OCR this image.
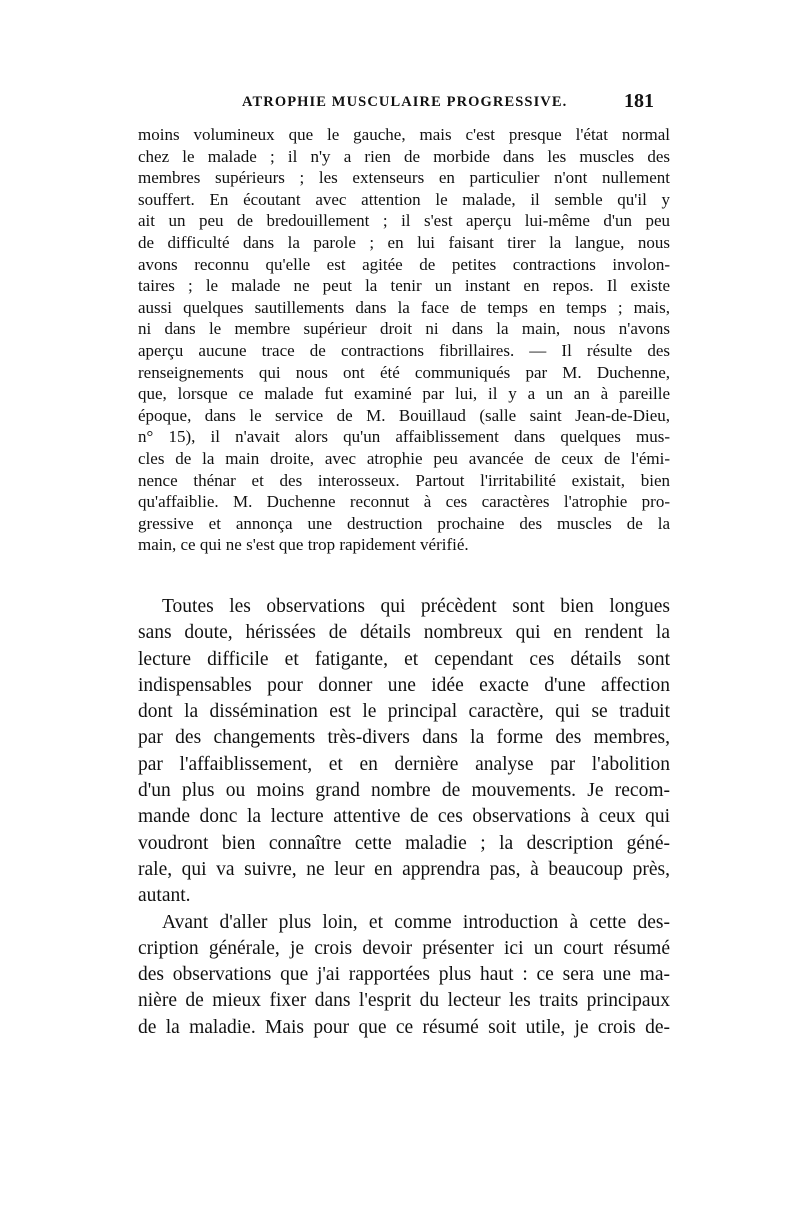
ATROPHIE MUSCULAIRE PROGRESSIVE.	181
moins volumineux que le gauche, mais c'est presque l'état normal
chez le malade ; il n'y a rien de morbide dans les muscles des
membres supérieurs ; les extenseurs en particulier n'ont nullement
souffert. En écoutant avec attention le malade, il semble qu'il y
ait un peu de bredouillement ; il s'est aperçu lui-même d'un peu
de difficulté dans la parole ; en lui faisant tirer la langue, nous
avons reconnu qu'elle est agitée de petites contractions involon-
taires ; le malade ne peut la tenir un instant en repos. Il existe
aussi quelques sautillements dans la face de temps en temps ; mais,
ni dans le membre supérieur droit ni dans la main, nous n'avons
aperçu aucune trace de contractions fibrillaires. — Il résulte des
renseignements qui nous ont été communiqués par M. Duchenne,
que, lorsque ce malade fut examiné par lui, il y a un an à pareille
époque, dans le service de M. Bouillaud (salle saint Jean-de-Dieu,
n° 15), il n'avait alors qu'un affaiblissement dans quelques mus-
cles de la main droite, avec atrophie peu avancée de ceux de l'émi-
nence thénar et des interosseux. Partout l'irritabilité existait, bien
qu'affaiblie. M. Duchenne reconnut à ces caractères l'atrophie pro-
gressive et annonça une destruction prochaine des muscles de la
main, ce qui ne s'est que trop rapidement vérifié.
Toutes les observations qui précèdent sont bien longues
sans doute, hérissées de détails nombreux qui en rendent la
lecture difficile et fatigante, et cependant ces détails sont
indispensables pour donner une idée exacte d'une affection
dont la dissémination est le principal caractère, qui se traduit
par des changements très-divers dans la forme des membres,
par l'affaiblissement, et en dernière analyse par l'abolition
d'un plus ou moins grand nombre de mouvements. Je recom-
mande donc la lecture attentive de ces observations à ceux qui
voudront bien connaître cette maladie ; la description géné-
rale, qui va suivre, ne leur en apprendra pas, à beaucoup près,
autant.
Avant d'aller plus loin, et comme introduction à cette des-
cription générale, je crois devoir présenter ici un court résumé
des observations que j'ai rapportées plus haut : ce sera une ma-
nière de mieux fixer dans l'esprit du lecteur les traits principaux
de la maladie. Mais pour que ce résumé soit utile, je crois de-
